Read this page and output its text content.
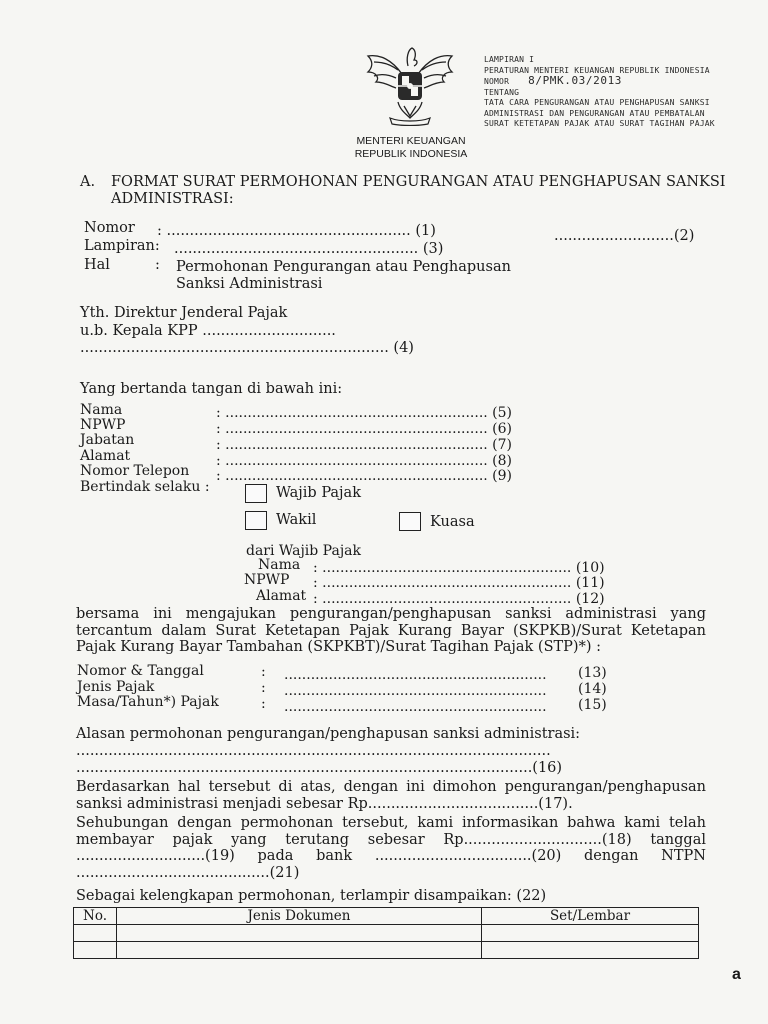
LAMPIRAN I
PERATURAN MENTERI KEUANGAN REPUBLIK INDONESIA
NOMOR 8/PMK.03/2013
TENTANG
TATA CARA PENGURANGAN ATAU PENGHAPUSAN SANKSI
ADMINISTRASI DAN PENGURANGAN ATAU PEMBATALAN
SURAT KETETAPAN PAJAK ATAU SURAT TAGIHAN PAJAK
MENTERI KEUANGAN
REPUBLIK INDONESIA
A. FORMAT SURAT PERMOHONAN PENGURANGAN ATAU PENGHAPUSAN SANKSI
ADMINISTRASI:
Nomor : ..................................................... (1)	..........................(2)
Lampiran: ..................................................... (3)
Hal	: Permohonan Pengurangan atau Penghapusan
Sanksi Administrasi
Yth. Direktur Jenderal Pajak
u.b. Kepala KPP .............................
................................................................... (4)
Yang bertanda tangan di bawah ini:
Nama	: ........................................................... (5)
NPWP	: ........................................................... (6)
Jabatan	: ........................................................... (7)
Alamat	: ........................................................... (8)
Nomor Telepon : ........................................................... (9)
Bertindak selaku :	Wajib Pajak
Wakil	Kuasa
dari Wajib Pajak
Nama : ........................................................ (10)
NPWP : ........................................................ (11)
Alamat : ........................................................ (12)
bersama ini mengajukan pengurangan/penghapusan sanksi administrasi yang
tercantum dalam Surat Ketetapan Pajak Kurang Bayar (SKPKB)/Surat Ketetapan
Pajak Kurang Bayar Tambahan (SKPKBT)/Surat Tagihan Pajak (STP)*) :
Nomor & Tanggal	: ........................................................... (13)
Jenis Pajak	: ........................................................... (14)
Masa/Tahun*) Pajak	: ........................................................... (15)
Alasan permohonan pengurangan/penghapusan sanksi administrasi:
.......................................................................................................
...................................................................................................(16)
Berdasarkan hal tersebut di atas, dengan ini dimohon pengurangan/penghapusan
sanksi administrasi menjadi sebesar Rp.....................................(17).
Sehubungan dengan permohonan tersebut, kami informasikan bahwa kami telah
membayar pajak yang terutang sebesar Rp..............................(18) tanggal
............................(19) pada bank ..................................(20) dengan NTPN
..........................................(21)
Sebagai kelengkapan permohonan, terlampir disampaikan: (22)
No.	Jenis Dokumen	Set/Lembar

a
